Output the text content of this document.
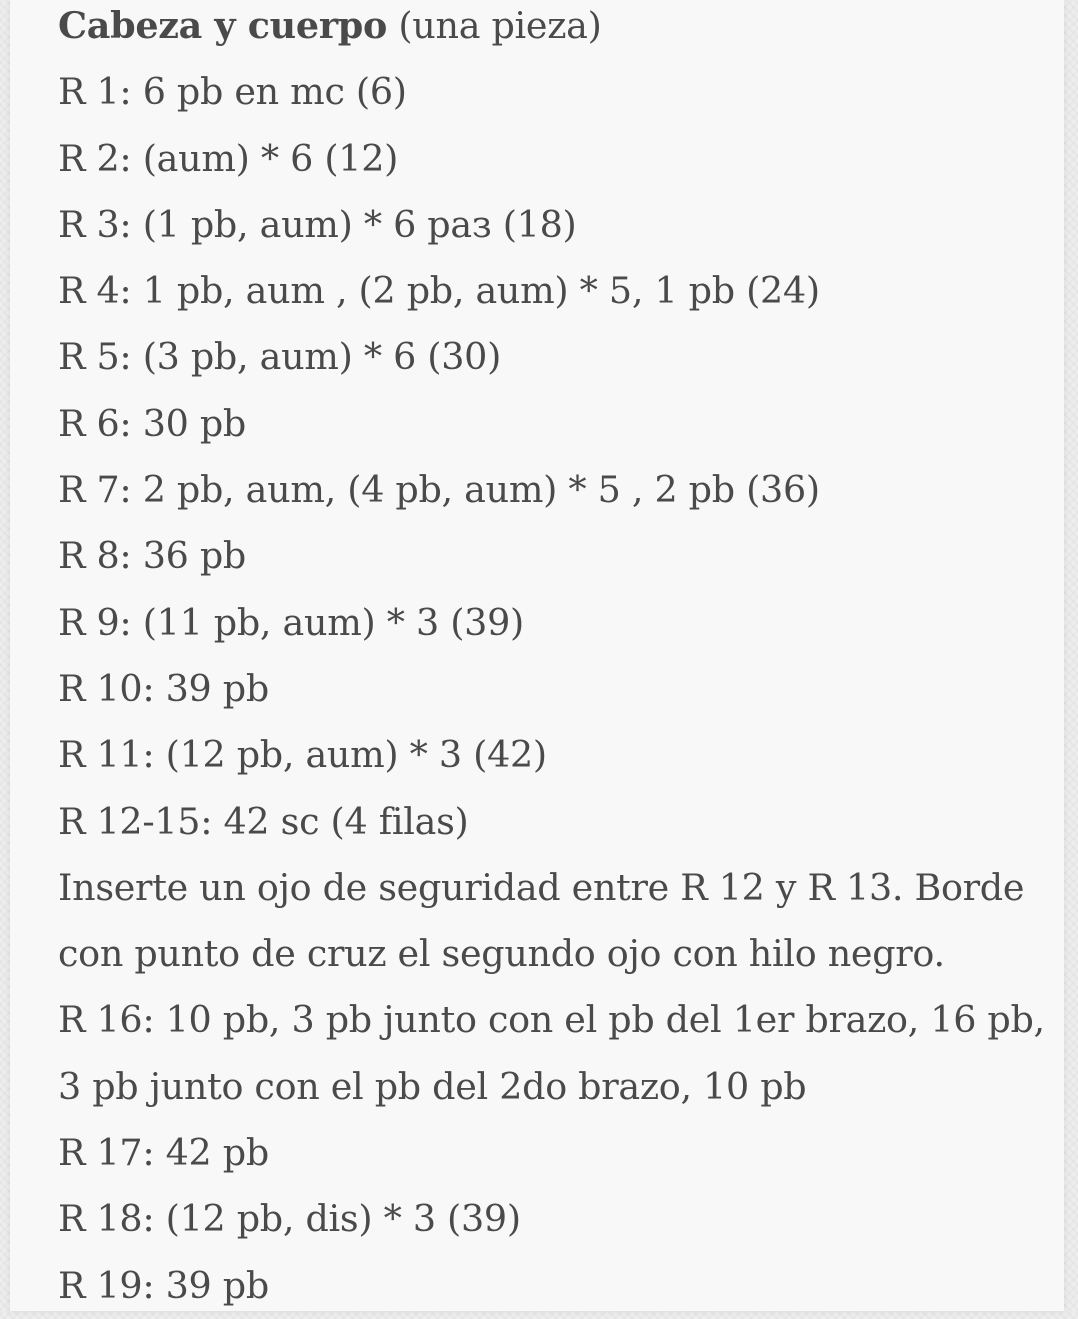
Cabeza y cuerpo (una pieza)

R 1: 6 pb en mc (6)

R 2: (aum) * 6 (12)

R 3: (1 pb, aum) * 6 раз (18)

R 4: 1 pb, aum , (2 pb, aum) * 5, 1 pb (24)

R 5: (3 pb, aum) * 6 (30)

R 6: 30 pb

R 7: 2 pb, aum, (4 pb, aum) * 5 , 2 pb (36)

R 8: 36 pb

R 9: (11 pb, aum) * 3 (39)

R 10: 39 pb

R 11: (12 pb, aum) * 3 (42)

R 12-15: 42 sc (4 filas)

Inserte un ojo de seguridad entre R 12 y R 13. Borde

con punto de cruz el segundo ojo con hilo negro.

R 16: 10 pb, 3 pb junto con el pb del 1er brazo, 16 pb,

3 pb junto con el pb del 2do brazo, 10 pb

R 17: 42 pb

R 18: (12 pb, dis) * 3 (39)

R 19: 39 pb
